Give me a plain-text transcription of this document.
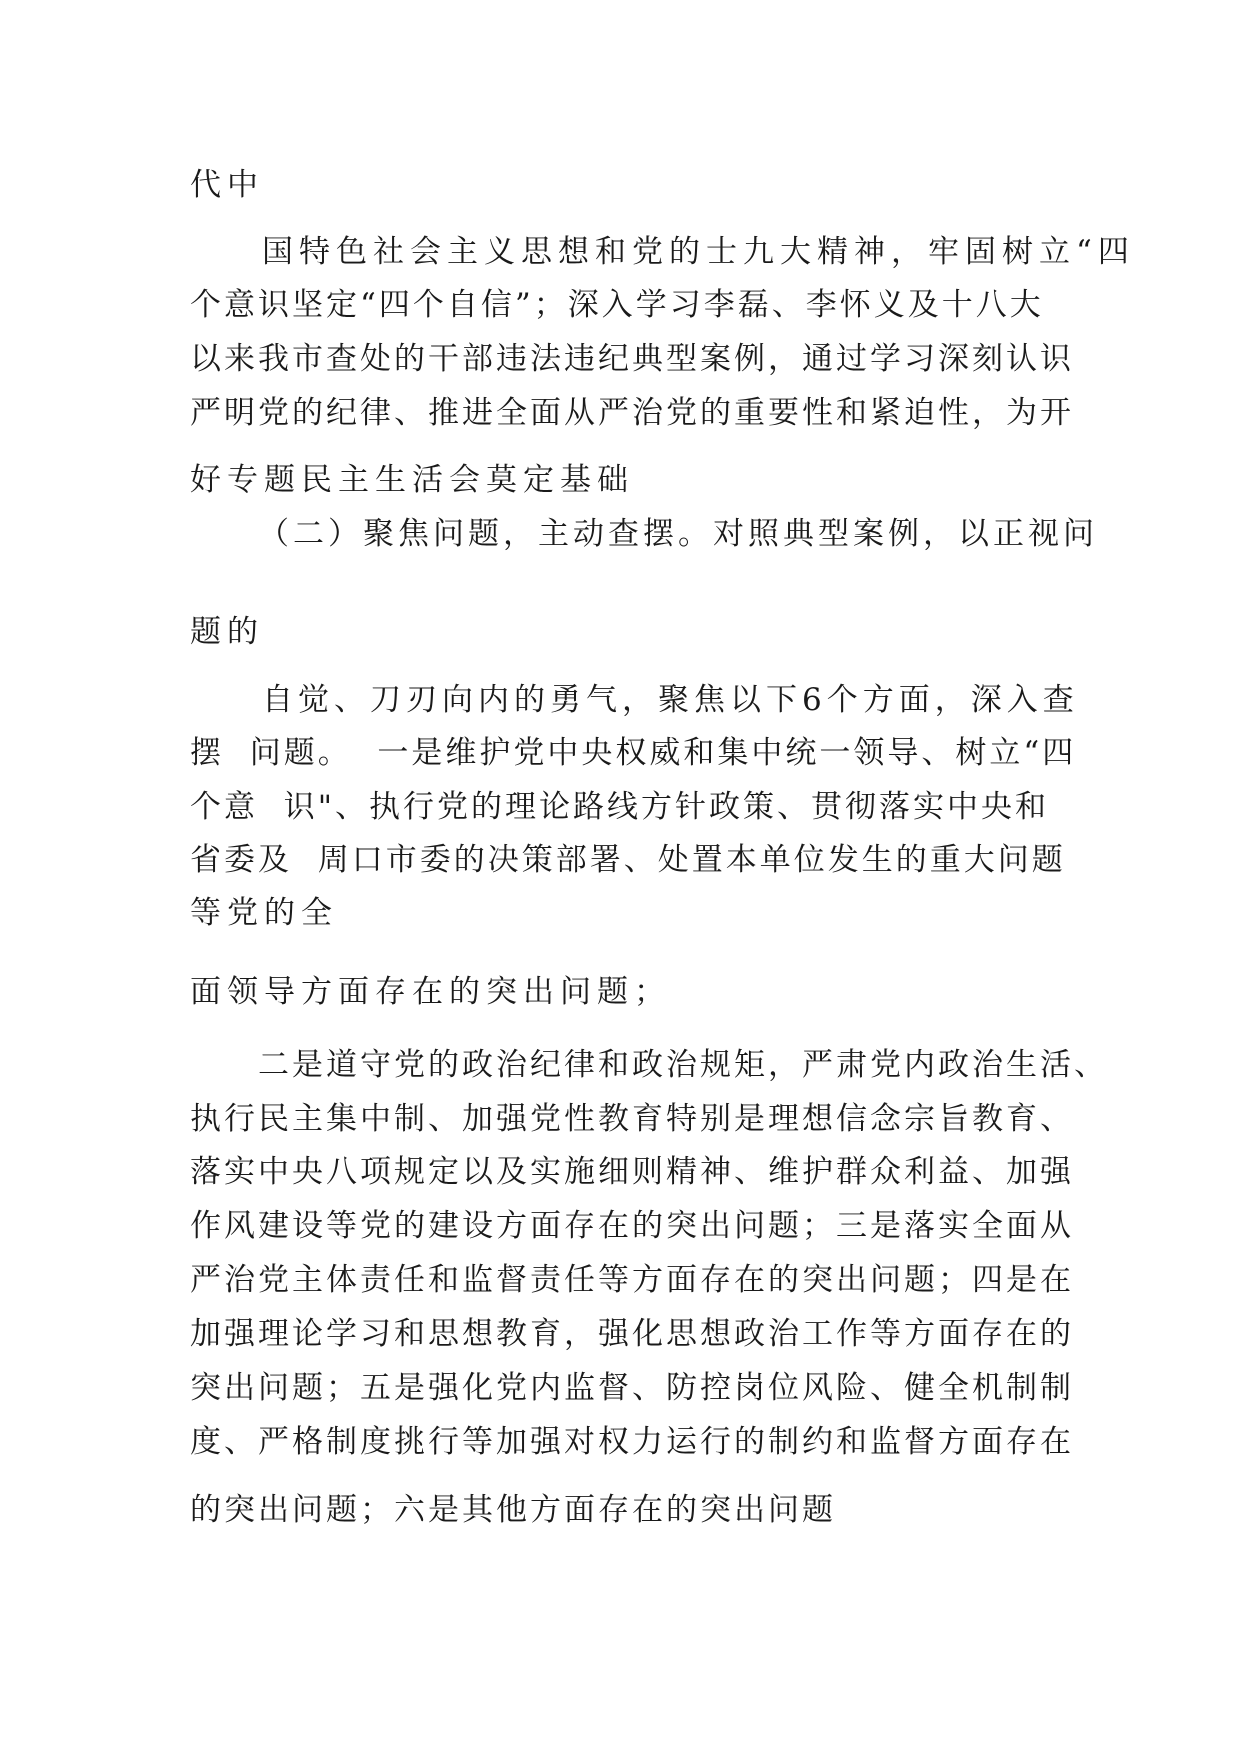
代中
国特色社会主义思想和党的士九大精神，牢固树立“四
个意识坚定“四个自信”；深入学习李磊、李怀义及十八大
以来我市查处的干部违法违纪典型案例，通过学习深刻认识
严明党的纪律、推进全面从严治党的重要性和紧迫性，为开
好专题民主生活会莫定基础
（二）聚焦问题，主动查摆。对照典型案例，以正视问
题的
自觉、刀刃向内的勇气，聚焦以下6个方面，深入查
摆  问题。  一是维护党中央权威和集中统一领导、树立“四
个意  识"、执行党的理论路线方针政策、贯彻落实中央和
省委及  周口市委的决策部署、处置本单位发生的重大问题
等党的全
面领导方面存在的突出问题；
二是道守党的政治纪律和政治规矩，严肃党内政治生活、
执行民主集中制、加强党性教育特别是理想信念宗旨教育、
落实中央八项规定以及实施细则精神、维护群众利益、加强
作风建设等党的建设方面存在的突出问题；三是落实全面从
严治党主体责任和监督责任等方面存在的突出问题；四是在
加强理论学习和思想教育，强化思想政治工作等方面存在的
突出问题；五是强化党内监督、防控岗位风险、健全机制制
度、严格制度挑行等加强对权力运行的制约和监督方面存在
的突出问题；六是其他方面存在的突出问题
